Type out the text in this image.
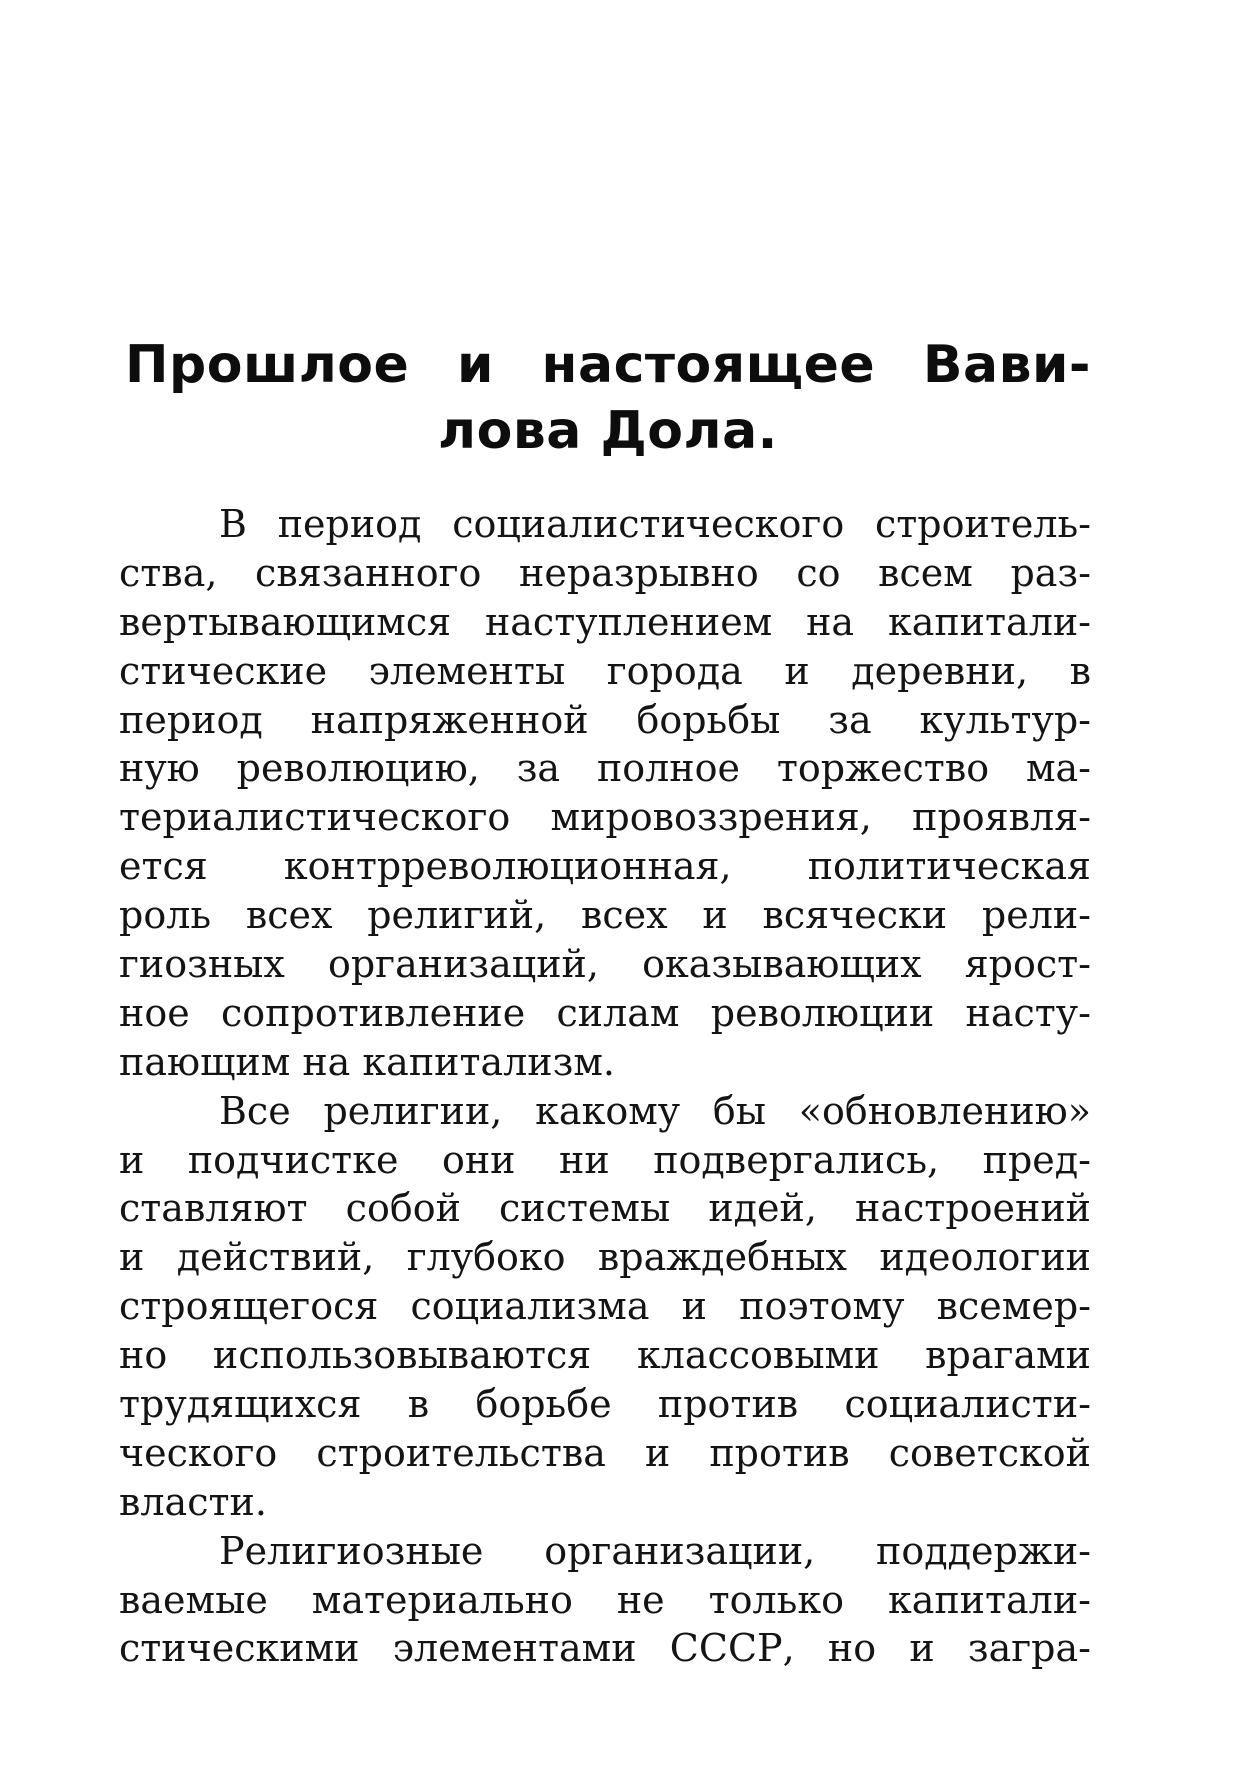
Прошлое и настоящее Вави-
лова Дола.
В период социалистического строитель-
ства, связанного неразрывно со всем раз-
вертывающимся наступлением на капитали-
стические элементы города и деревни, в
период напряженной борьбы за культур-
ную революцию, за полное торжество ма-
териалистического мировоззрения, проявля-
ется контрреволюционная, политическая
роль всех религий, всех и всячески рели-
гиозных организаций, оказывающих ярост-
ное сопротивление силам революции насту-
пающим на капитализм.
Все религии, какому бы «обновлению»
и подчистке они ни подвергались, пред-
ставляют собой системы идей, настроений
и действий, глубоко враждебных идеологии
строящегося социализма и поэтому всемер-
но использовываются классовыми врагами
трудящихся в борьбе против социалисти-
ческого строительства и против советской
власти.
Религиозные организации, поддержи-
ваемые материально не только капитали-
стическими элементами СССР, но и загра-
